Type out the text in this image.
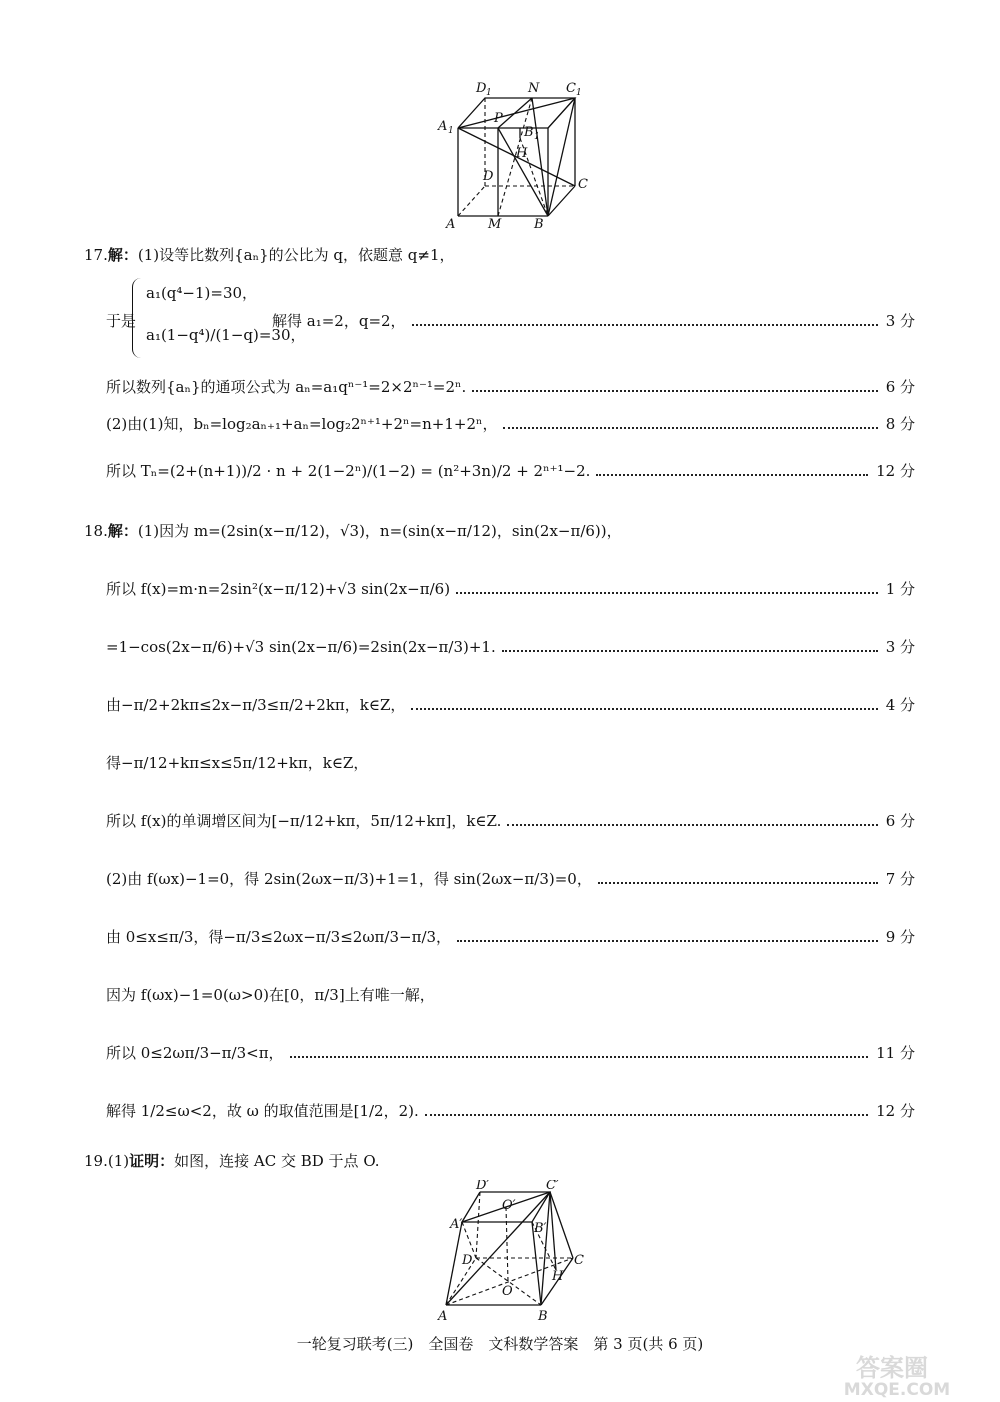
D 1	N C 1
A 1
P
B 1
H
D
C
A	M	B
17.解：(1)设等比数列{aₙ}的公比为 q，依题意 q≠1，
于是
a₁(q⁴−1)=30，
a₁(1−q⁴)/(1−q)=30，
解得 a₁=2，q=2，	3 分
所以数列{aₙ}的通项公式为 aₙ=a₁qⁿ⁻¹=2×2ⁿ⁻¹=2ⁿ.	6 分
(2)由(1)知，bₙ=log₂aₙ₊₁+aₙ=log₂2ⁿ⁺¹+2ⁿ=n+1+2ⁿ，	8 分
所以 Tₙ=(2+(n+1))/2 · n + 2(1−2ⁿ)/(1−2) = (n²+3n)/2 + 2ⁿ⁺¹−2.	12 分
18.解：(1)因为 m=(2sin(x−π/12)，√3)，n=(sin(x−π/12)，sin(2x−π/6))，
所以 f(x)=m·n=2sin²(x−π/12)+√3 sin(2x−π/6)	1 分
=1−cos(2x−π/6)+√3 sin(2x−π/6)=2sin(2x−π/3)+1.	3 分
由−π/2+2kπ≤2x−π/3≤π/2+2kπ，k∈Z，	4 分
得−π/12+kπ≤x≤5π/12+kπ，k∈Z，
所以 f(x)的单调增区间为[−π/12+kπ，5π/12+kπ]，k∈Z.	6 分
(2)由 f(ωx)−1=0，得 2sin(2ωx−π/3)+1=1，得 sin(2ωx−π/3)=0，	7 分
由 0≤x≤π/3，得−π/3≤2ωx−π/3≤2ωπ/3−π/3，	9 分
因为 f(ωx)−1=0(ω>0)在[0，π/3]上有唯一解，
所以 0≤2ωπ/3−π/3<π，	11 分
解得 1/2≤ω<2，故 ω 的取值范围是[1/2，2).	12 分
19.(1)证明：如图，连接 AC 交 BD 于点 O.
D′
O′
C′
A′	B′
D	C
H
O
A	B
一轮复习联考(三)　全国卷　文科数学答案　第 3 页(共 6 页)
答案圈
MXQE.COM
